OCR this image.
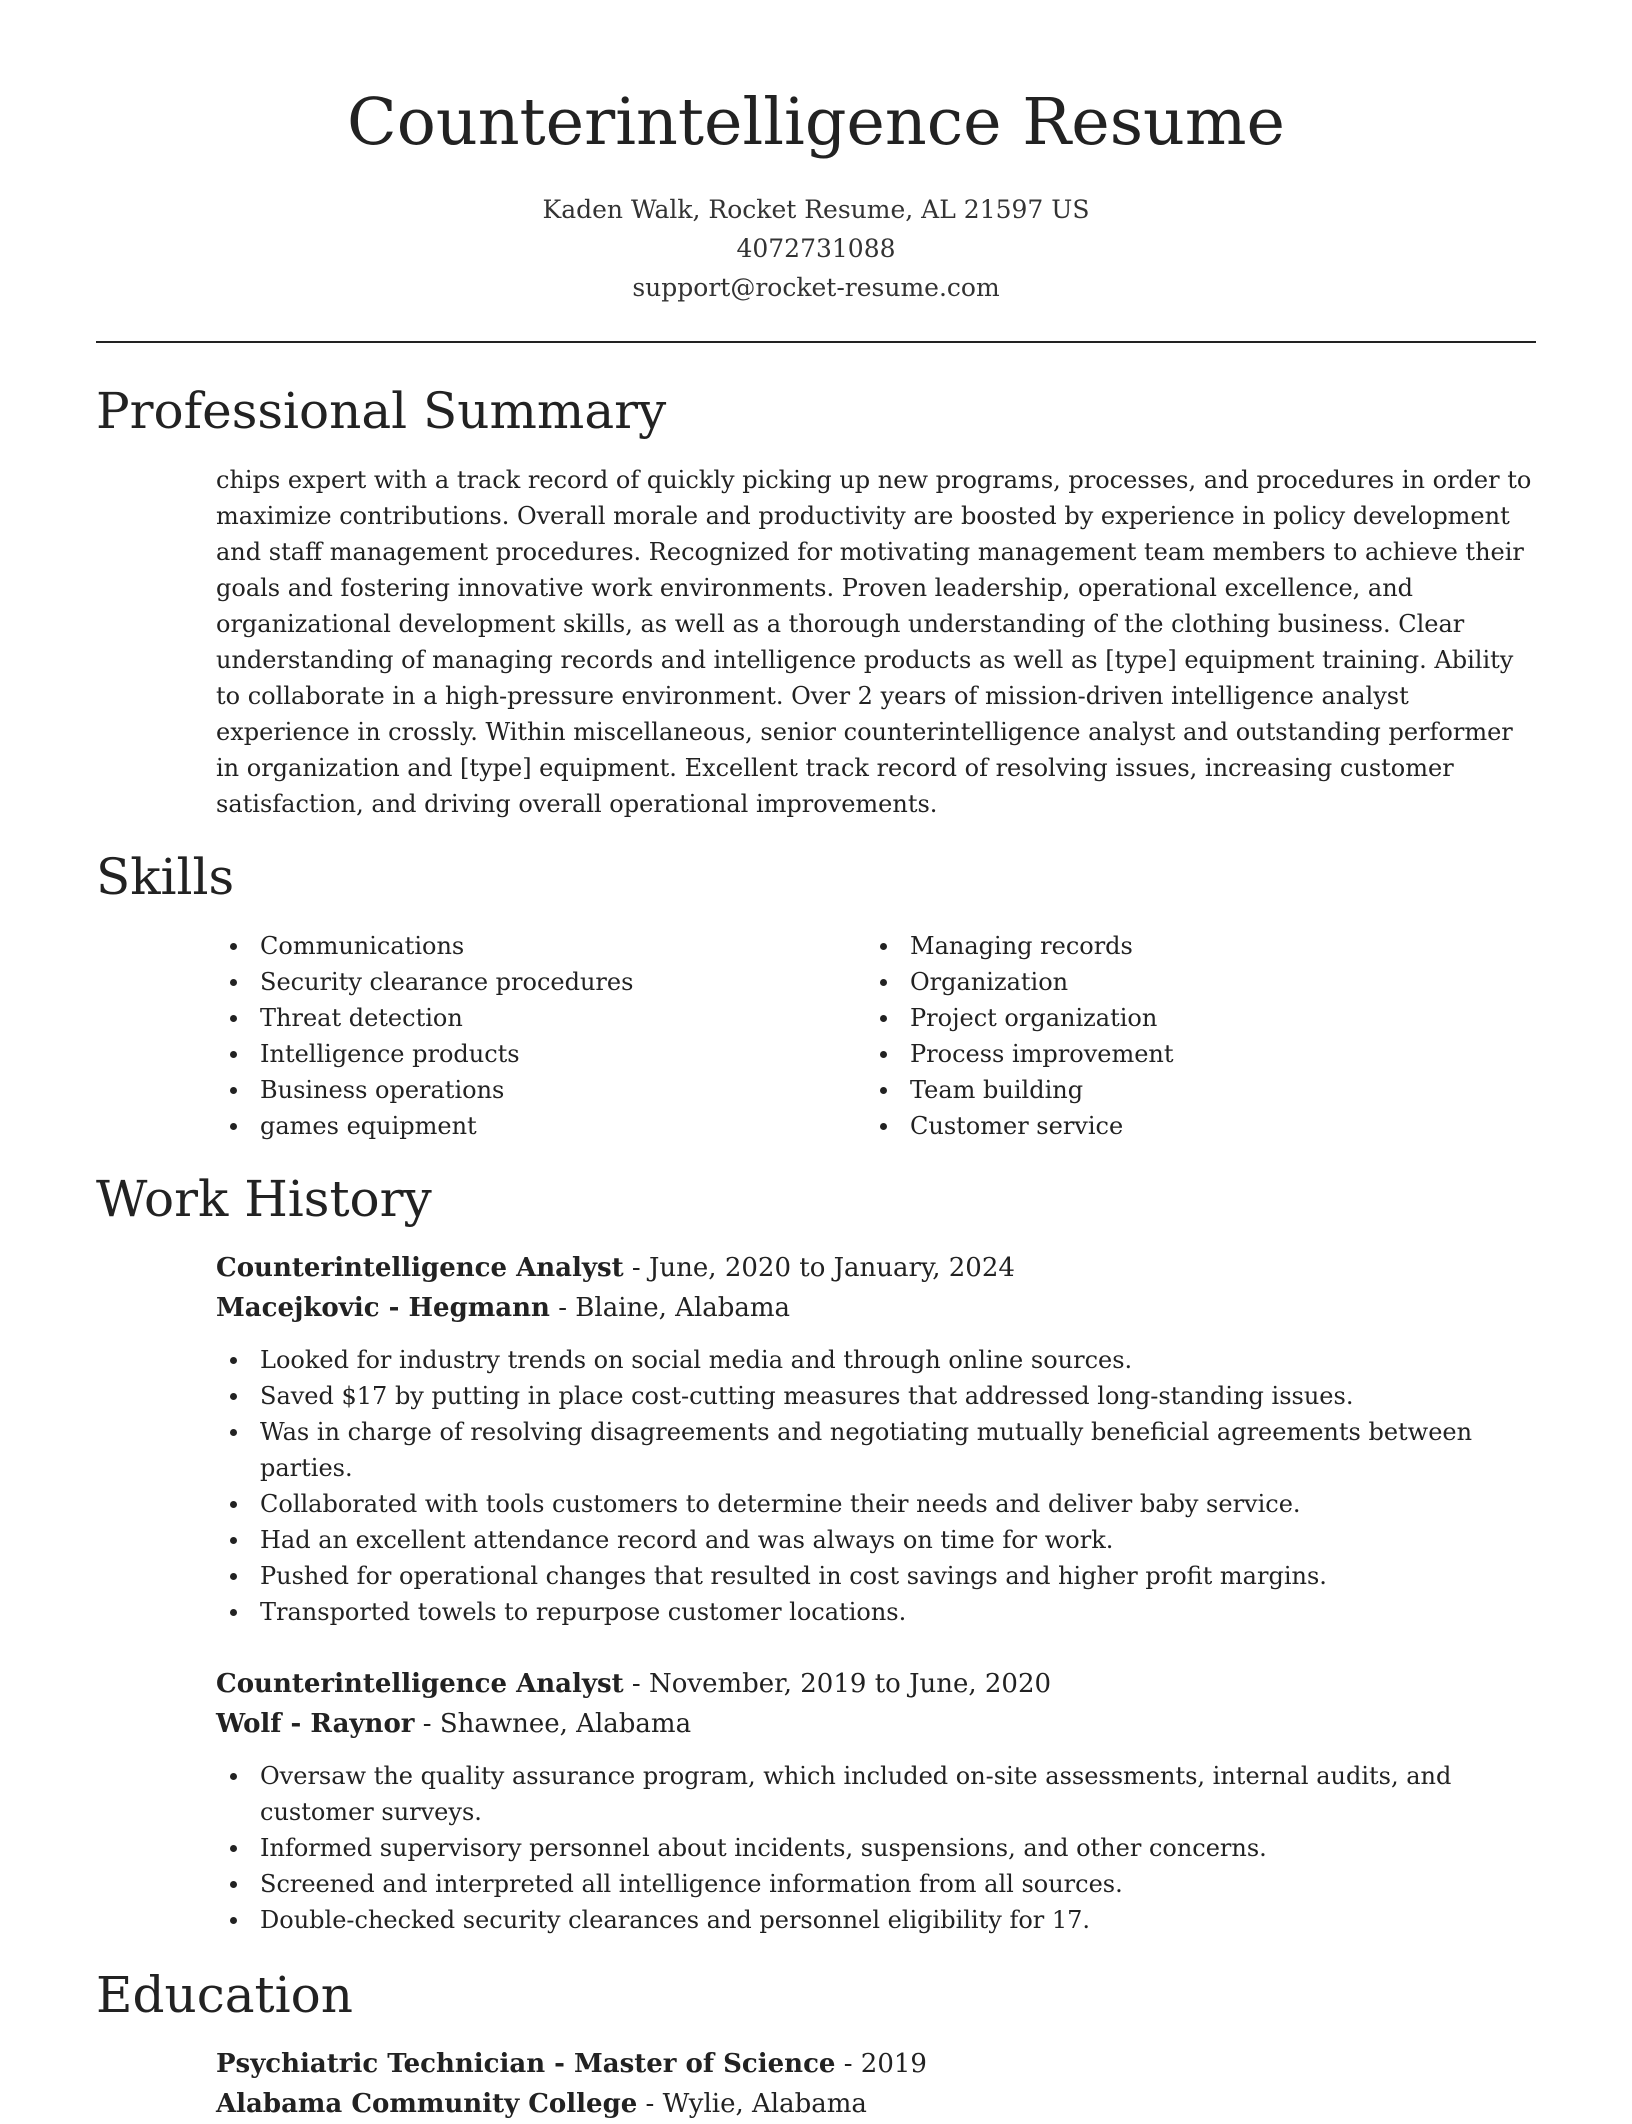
Counterintelligence Resume
Kaden Walk, Rocket Resume, AL 21597 US
4072731088
support@rocket-resume.com
Professional Summary

chips expert with a track record of quickly picking up new programs, processes, and procedures in order to maximize contributions. Overall morale and productivity are boosted by experience in policy development and staff management procedures. Recognized for motivating management team members to achieve their goals and fostering innovative work environments. Proven leadership, operational excellence, and organizational development skills, as well as a thorough understanding of the clothing business. Clear understanding of managing records and intelligence products as well as [type] equipment training. Ability to collaborate in a high-pressure environment. Over 2 years of mission-driven intelligence analyst experience in crossly. Within miscellaneous, senior counterintelligence analyst and outstanding performer in organization and [type] equipment. Excellent track record of resolving issues, increasing customer satisfaction, and driving overall operational improvements.

Skills
Communications
Security clearance procedures
Threat detection
Intelligence products
Business operations
games equipment
Managing records
Organization
Project organization
Process improvement
Team building
Customer service
Work History
Counterintelligence Analyst - June, 2020 to January, 2024
Macejkovic - Hegmann - Blaine, Alabama
Looked for industry trends on social media and through online sources.
Saved $17 by putting in place cost-cutting measures that addressed long-standing issues.
Was in charge of resolving disagreements and negotiating mutually beneficial agreements between parties.
Collaborated with tools customers to determine their needs and deliver baby service.
Had an excellent attendance record and was always on time for work.
Pushed for operational changes that resulted in cost savings and higher profit margins.
Transported towels to repurpose customer locations.
Counterintelligence Analyst - November, 2019 to June, 2020
Wolf - Raynor - Shawnee, Alabama
Oversaw the quality assurance program, which included on-site assessments, internal audits, and customer surveys.
Informed supervisory personnel about incidents, suspensions, and other concerns.
Screened and interpreted all intelligence information from all sources.
Double-checked security clearances and personnel eligibility for 17.
Education
Psychiatric Technician - Master of Science - 2019
Alabama Community College - Wylie, Alabama
